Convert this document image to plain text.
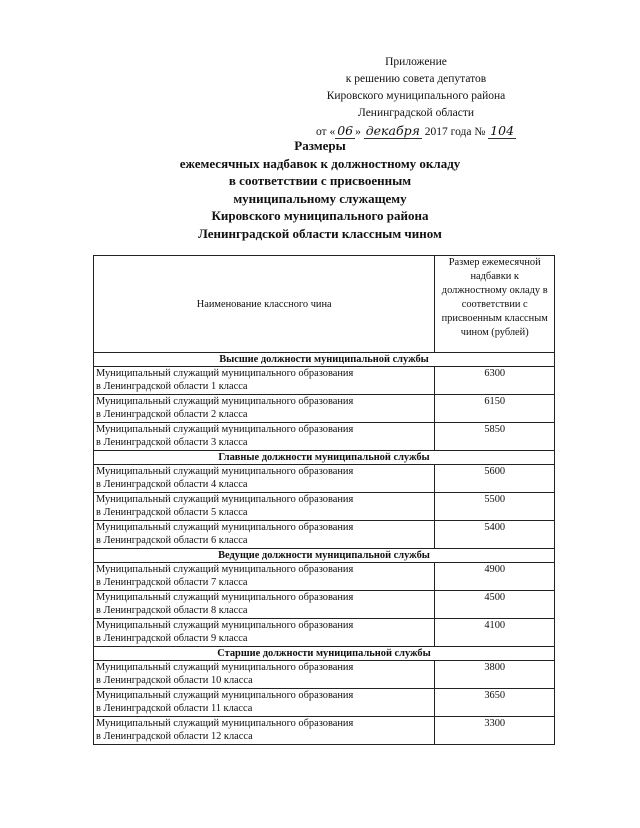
Приложение
к решению совета депутатов
Кировского муниципального района
Ленинградской области
от « 06 » декабря 2017 года № 104
Размеры
ежемесячных надбавок к должностному окладу
в соответствии с присвоенным
муниципальному служащему
Кировского муниципального района
Ленинградской области классным чином
Наименование классного чина	Размер ежемесячной надбавки к должностному окладу в соответствии с присвоенным классным чином (рублей)
Высшие должности муниципальной службы	

Муниципальный служащий муниципального образования
в Ленинградской области 1 класса	6300

Муниципальный служащий муниципального образования
в Ленинградской области 2 класса	6150

Муниципальный служащий муниципального образования
в Ленинградской области 3 класса	5850
Главные должности муниципальной службы	

Муниципальный служащий муниципального образования
в Ленинградской области 4 класса	5600

Муниципальный служащий муниципального образования
в Ленинградской области 5 класса	5500

Муниципальный служащий муниципального образования
в Ленинградской области 6 класса	5400
Ведущие должности муниципальной службы	

Муниципальный служащий муниципального образования
в Ленинградской области 7 класса	4900

Муниципальный служащий муниципального образования
в Ленинградской области 8 класса	4500

Муниципальный служащий муниципального образования
в Ленинградской области 9 класса	4100
Старшие должности муниципальной службы	

Муниципальный служащий муниципального образования
в Ленинградской области 10 класса	3800

Муниципальный служащий муниципального образования
в Ленинградской области 11 класса	3650

Муниципальный служащий муниципального образования
в Ленинградской области 12 класса	3300
